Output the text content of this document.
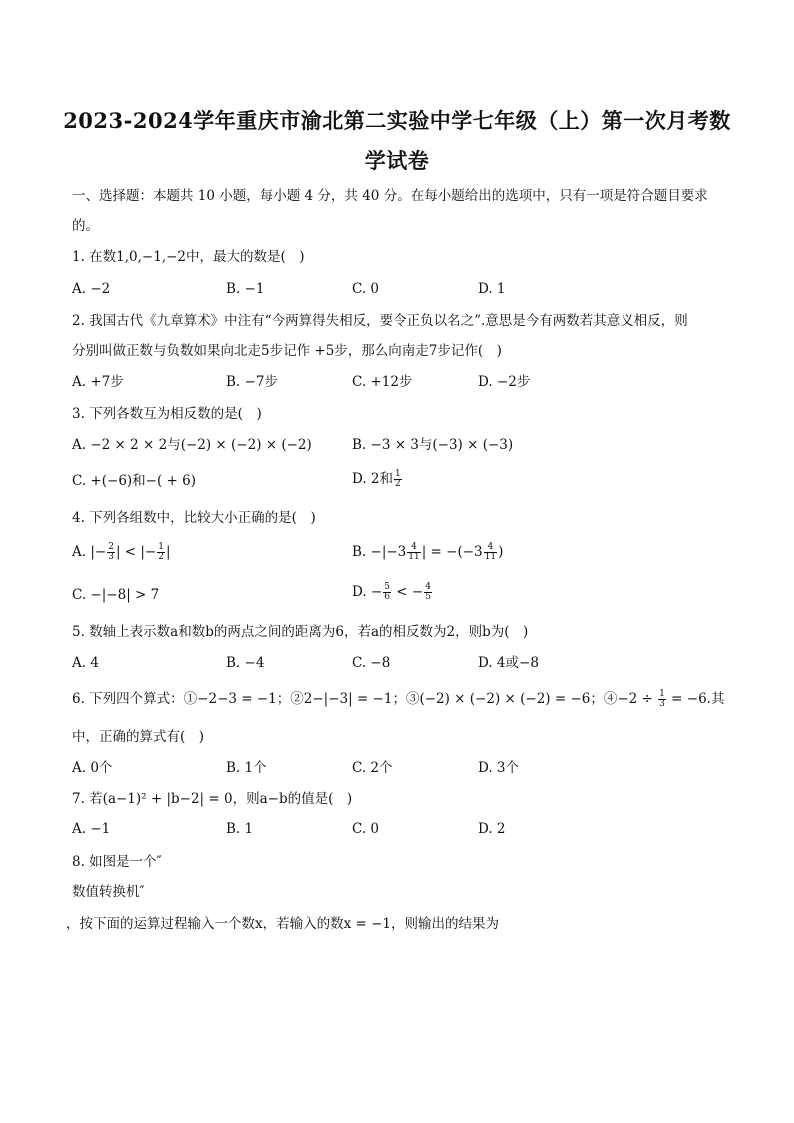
2023-2024学年重庆市渝北第二实验中学七年级（上）第一次月考数
学试卷
一、选择题：本题共 10 小题，每小题 4 分，共 40 分。在每小题给出的选项中，只有一项是符合题目要求
的。
1. 在数1,0,−1,−2中，最大的数是(　)
A. −2	B. −1	C. 0	D. 1
2. 我国古代《九章算术》中注有“今两算得失相反，要令正负以名之”.意思是今有两数若其意义相反，则
分别叫做正数与负数如果向北走5步记作 +5步，那么向南走7步记作(　)
A. +7步	B. −7步	C. +12步	D. −2步
3. 下列各数互为相反数的是(　)
A. −2 × 2 × 2与(−2) × (−2) × (−2)	B. −3 × 3与(−3) × (−3)
C. +(−6)和−( + 6)	D. 2和 $\frac{1}{2}$
4. 下列各组数中，比较大小正确的是(　)
A. |− $\frac{2}{3}$ | < |− $\frac{1}{2}$ |	B. $-|-3 \frac{4}{11}$ | = $-(-3 \frac{4}{11}$ )
C. −|−8| > 7	D. − $\frac{5}{6}$ < − $\frac{4}{5}$
5. 数轴上表示数a和数b的两点之间的距离为6，若a的相反数为2，则b为(　)
A. 4	B. −4	C. −8	D. 4或−8
6. 下列四个算式：①−2−3 = −1；②2−|−3| = −1；③(−2) × (−2) × (−2) = −6；④−2 ÷ $\frac{1}{3} = -6$.其
中，正确的算式有(　)
A. 0个	B. 1个	C. 2个	D. 3个
7. 若(a−1)² + |b−2| = 0，则a−b的值是(　)
A. −1	B. 1	C. 0	D. 2
8. 如图是一个″
数值转换机″
，按下面的运算过程输入一个数x，若输入的数x = −1，则输出的结果为
